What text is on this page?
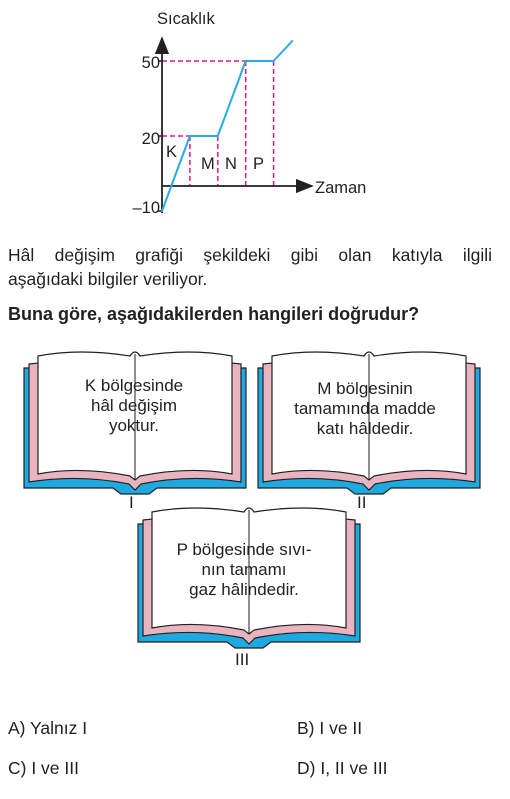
Sıcaklık
Zaman
–10
20
50
K
M N P
Hâl değişim grafiği şekildeki gibi olan katıyla ilgili
aşağıdaki bilgiler veriliyor.
Buna göre, aşağıdakilerden hangileri doğrudur?
K bölgesinde
hâl değişim
yoktur.
M bölgesinin
tamamında madde
katı hâldedir.
P bölgesinde sıvı-
nın tamamı
gaz hâlindedir.
I	II
III
A) Yalnız I	B) I ve II
C) I ve III	D) I, II ve III
